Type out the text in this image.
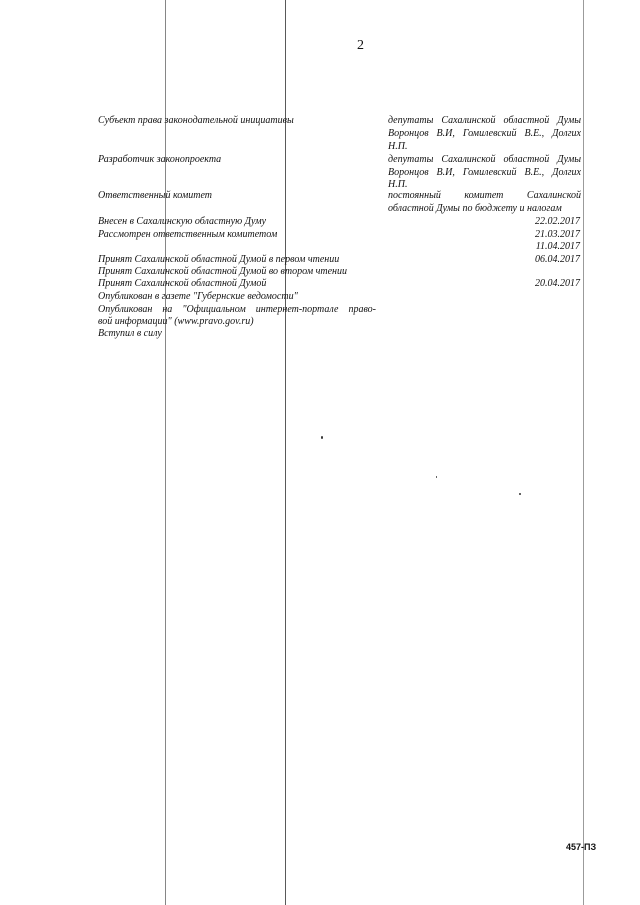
2
Субъект права законодательной инициативы
Разработчик законопроекта
Ответственный комитет
Внесен в Сахалинскую областную Думу
Рассмотрен ответственным комитетом
Принят Сахалинской областной Думой в первом чтении
Принят Сахалинской областной Думой во втором чтении
Принят Сахалинской областной Думой
Опубликован в газете "Губернские ведомости"
Опубликован на "Официальном интернет-портале право-
вой информации" (www.pravo.gov.ru)
Вступил в силу
депутаты Сахалинской областной Думы
Воронцов В.И, Гомилевский В.Е., Долгих
Н.П.
депутаты Сахалинской областной Думы
Воронцов В.И, Гомилевский В.Е., Долгих
Н.П.
постоянный комитет Сахалинской
областной Думы по бюджету и налогам
22.02.2017
21.03.2017
11.04.2017
06.04.2017
20.04.2017
457-ПЗ
